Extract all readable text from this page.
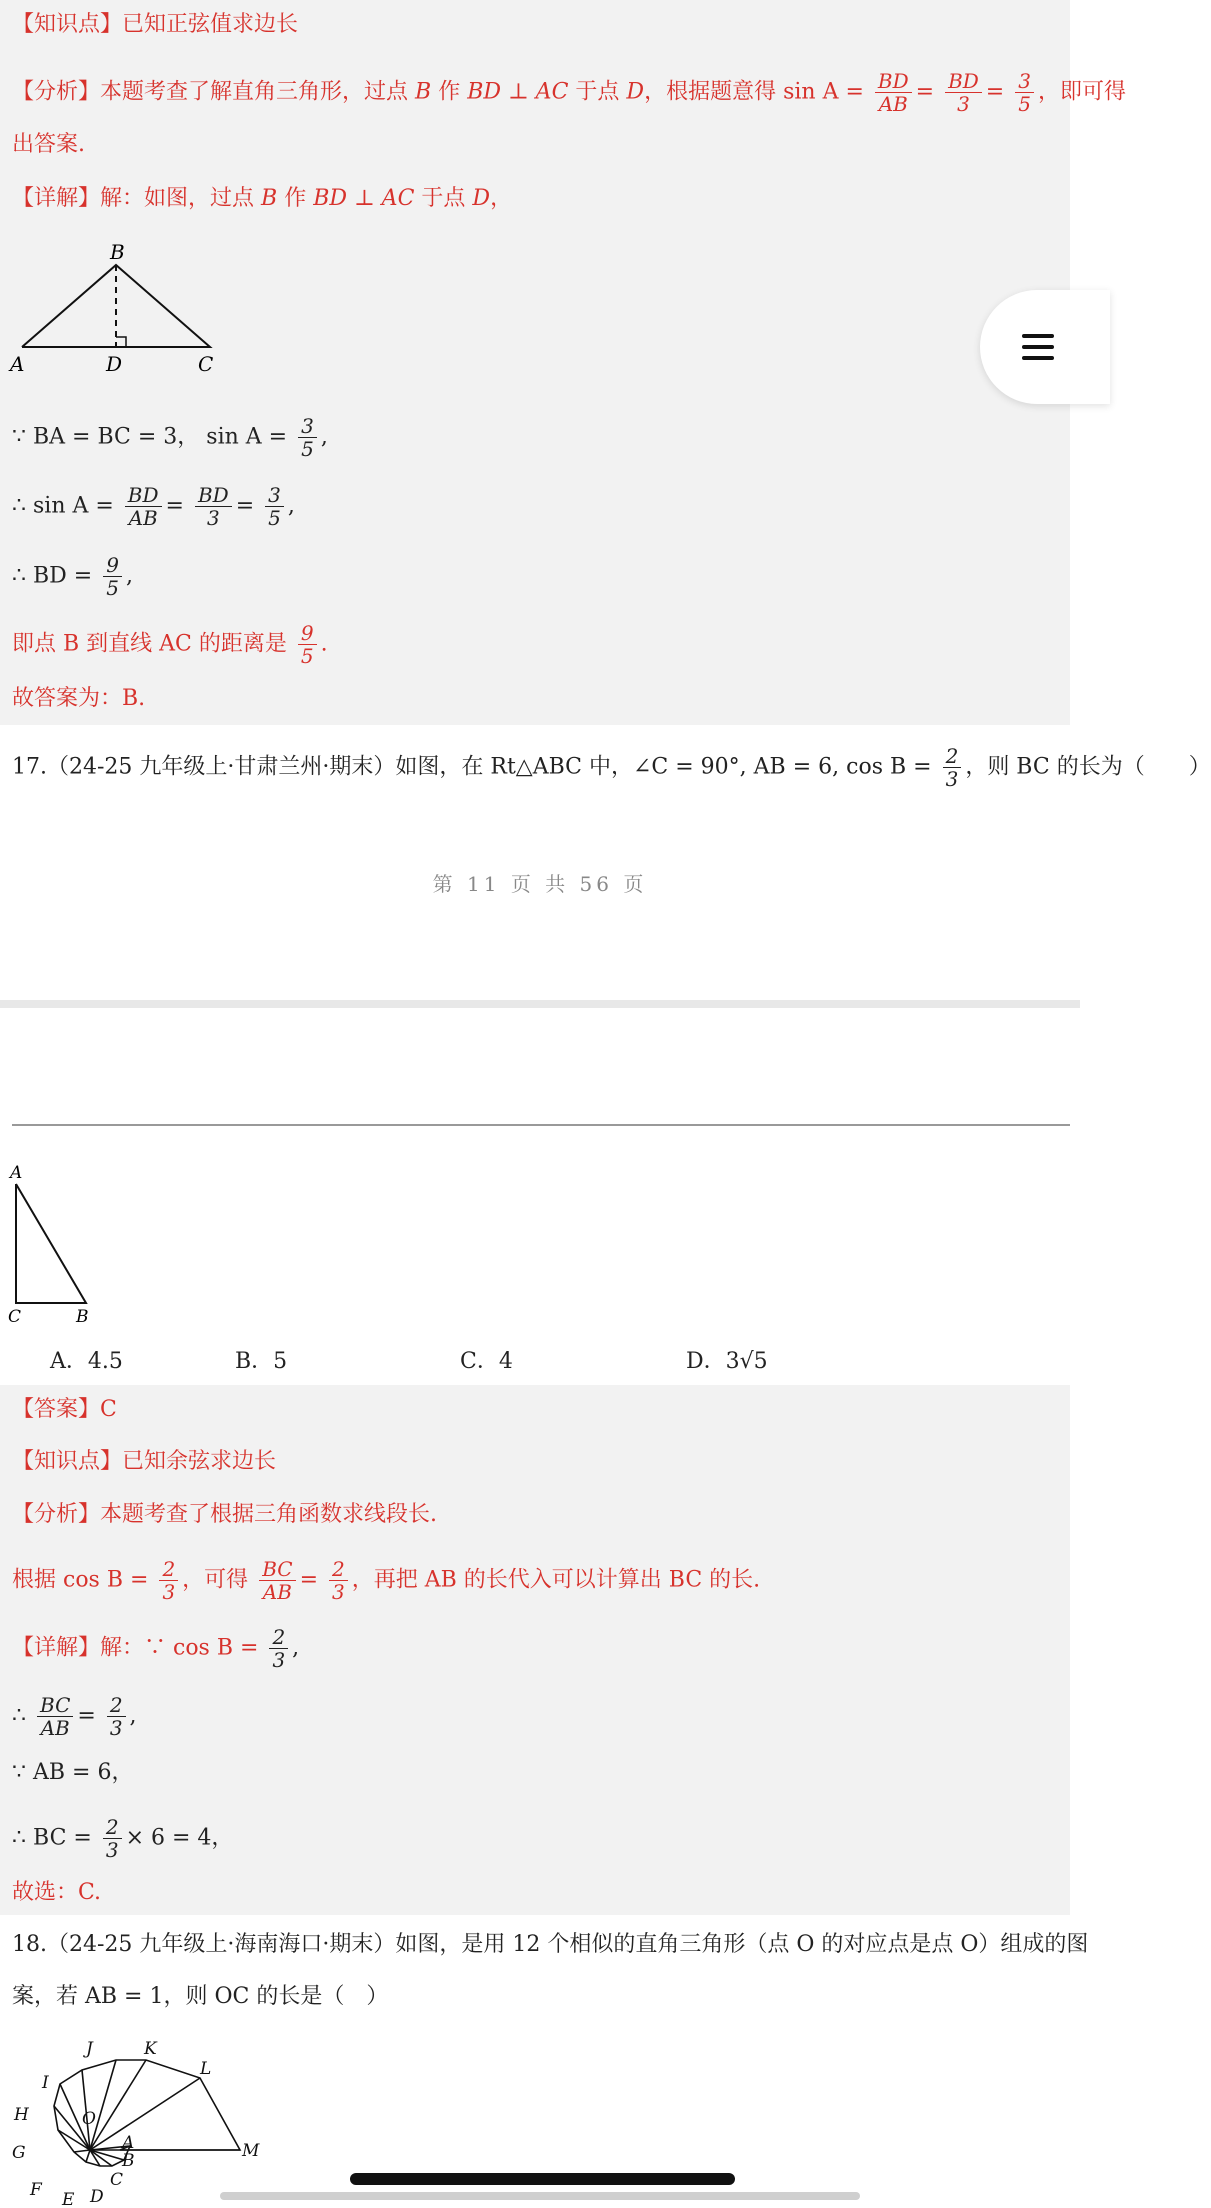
【知识点】已知正弦值求边长
【分析】本题考查了解直角三角形，过点 B 作 BD ⊥ AC 于点 D，根据题意得 $\sin A = \frac{BD}{AB} = \frac{BD}{3} = \frac{3}{5}$ ，即可得
出答案.
【详解】解：如图，过点 B 作 BD ⊥ AC 于点 D，
B
A	D	C
∵ BA = BC = 3， $\sin A = \frac{3}{5}$ ,
∴ $\sin A = \frac{BD}{AB} = \frac{BD}{3} = \frac{3}{5}$ ,
∴ BD = $\frac{9}{5}$ ,
即点 B 到直线 AC 的距离是 $\frac{9}{5}$ .
故答案为：B.
17.（24-25 九年级上·甘肃兰州·期末）如图，在 Rt△ABC 中，∠C = 90°, AB = 6, $\cos B = \frac{2}{3}$ ，则 BC 的长为（　　）
第 11 页 共 56 页
A
C	B
A．4.5	B．5	C．4	D．3√5
【答案】C
【知识点】已知余弦求边长
【分析】本题考查了根据三角函数求线段长.
根据 $\cos B = \frac{2}{3}$ ，可得 $\frac{BC}{AB} = \frac{2}{3}$ ，再把 AB 的长代入可以计算出 BC 的长.
【详解】解：∵ $\cos B = \frac{2}{3}$ ,
∴ $\frac{BC}{AB} = \frac{2}{3}$ ,
∵ AB = 6，
∴ BC = $\frac{2}{3} \times 6 = 4$，
故选：C.
18.（24-25 九年级上·海南海口·期末）如图，是用 12 个相似的直角三角形（点 O 的对应点是点 O）组成的图
案，若 AB = 1，则 OC 的长是（　）
O
A
B
C
D
E
F
G
H
I
J	K
L
M
